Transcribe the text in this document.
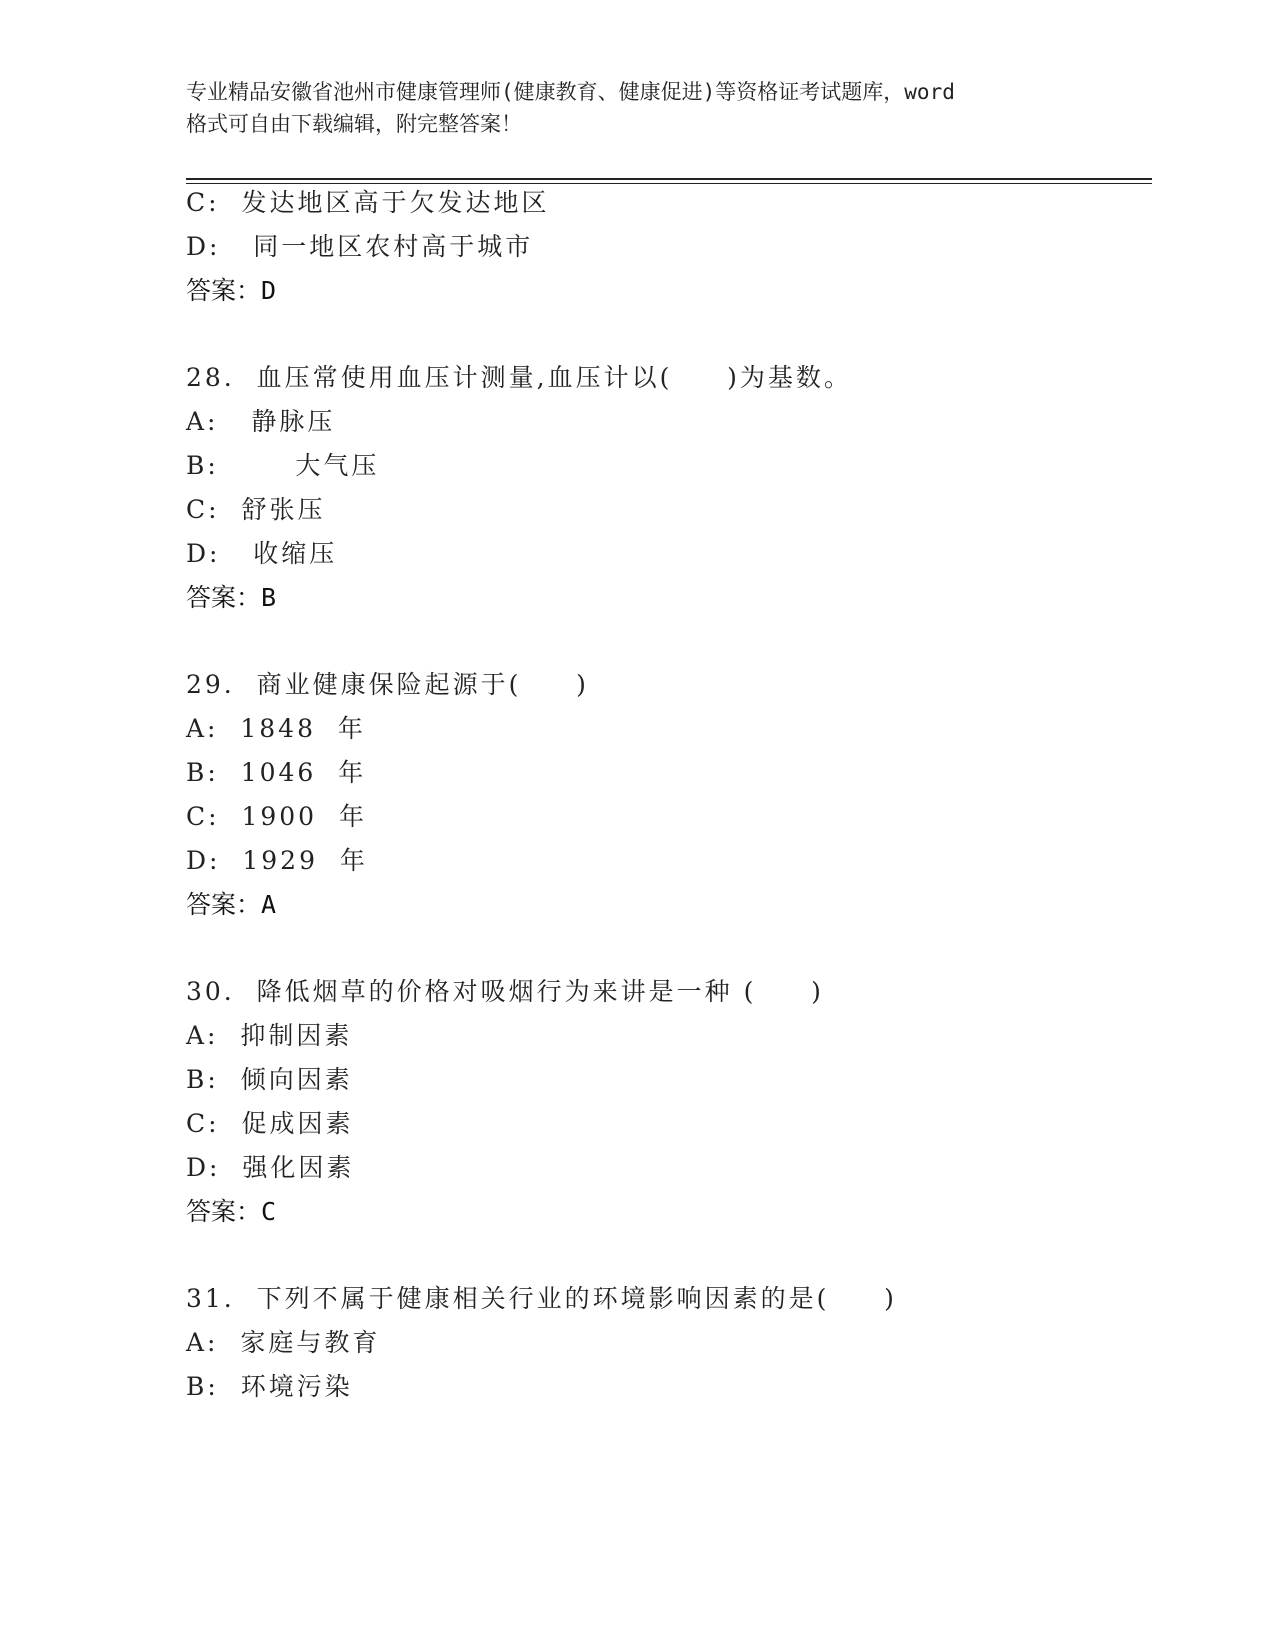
专业精品安徽省池州市健康管理师(健康教育、健康促进)等资格证考试题库，word
格式可自由下载编辑，附完整答案！
C:  发达地区高于欠发达地区
D:   同一地区农村高于城市
答案：D
28.  血压常使用血压计测量,血压计以(     )为基数。
A:   静脉压
B:       大气压
C:  舒张压
D:   收缩压
答案：B
29.  商业健康保险起源于(     )
A:  1848  年
B:  1046  年
C:  1900  年
D:  1929  年
答案：A
30.  降低烟草的价格对吸烟行为来讲是一种 (     )
A:  抑制因素
B:  倾向因素
C:  促成因素
D:  强化因素
答案：C
31.  下列不属于健康相关行业的环境影响因素的是(     )
A:  家庭与教育
B:  环境污染
